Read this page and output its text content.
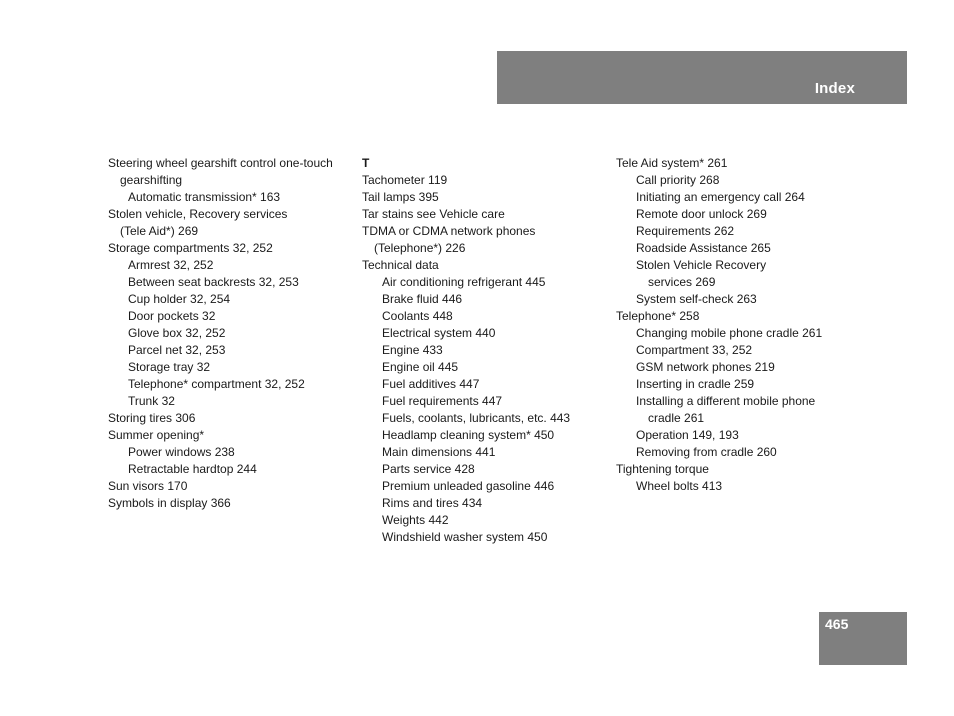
Index
Steering wheel gearshift control one-touch
gearshifting
Automatic transmission* 163
Stolen vehicle, Recovery services
(Tele Aid*) 269
Storage compartments 32, 252
Armrest 32, 252
Between seat backrests 32, 253
Cup holder 32, 254
Door pockets 32
Glove box 32, 252
Parcel net 32, 253
Storage tray 32
Telephone* compartment 32, 252
Trunk 32
Storing tires 306
Summer opening*
Power windows 238
Retractable hardtop 244
Sun visors 170
Symbols in display 366
T
Tachometer 119
Tail lamps 395
Tar stains see Vehicle care
TDMA or CDMA network phones
(Telephone*) 226
Technical data
Air conditioning refrigerant 445
Brake fluid 446
Coolants 448
Electrical system 440
Engine 433
Engine oil 445
Fuel additives 447
Fuel requirements 447
Fuels, coolants, lubricants, etc. 443
Headlamp cleaning system* 450
Main dimensions 441
Parts service 428
Premium unleaded gasoline 446
Rims and tires 434
Weights 442
Windshield washer system 450
Tele Aid system* 261
Call priority 268
Initiating an emergency call 264
Remote door unlock 269
Requirements 262
Roadside Assistance 265
Stolen Vehicle Recovery
services 269
System self-check 263
Telephone* 258
Changing mobile phone cradle 261
Compartment 33, 252
GSM network phones 219
Inserting in cradle 259
Installing a different mobile phone
cradle 261
Operation 149, 193
Removing from cradle 260
Tightening torque
Wheel bolts 413
465
